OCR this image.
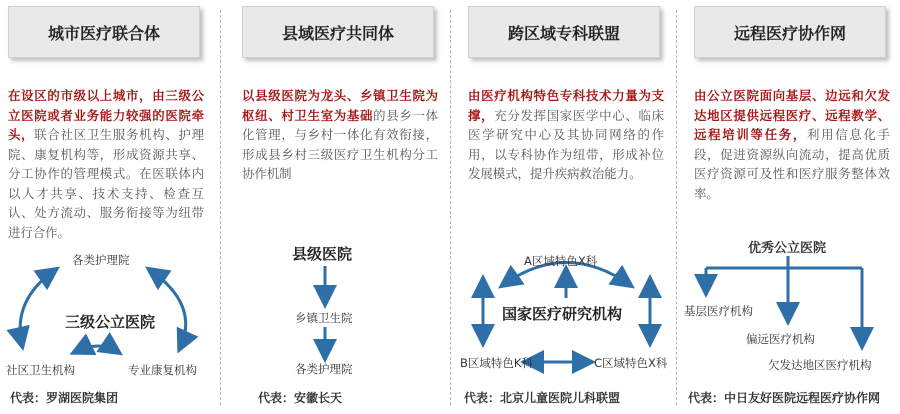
城市医疗联合体
在设区的市级以上城市，由三级公立医院或者业务能力较强的医院牵头，联合社区卫生服务机构、护理院、康复机构等，形成资源共享、分工协作的管理模式。在医联体内以人才共享、技术支持、检查互认、处方流动、服务衔接等为纽带进行合作。
各类护理院
三级公立医院
社区卫生机构	专业康复机构
代表：罗湖医院集团
县域医疗共同体
以县级医院为龙头、乡镇卫生院为枢纽、村卫生室为基础的县乡一体化管理，与乡村一体化有效衔接，形成县乡村三级医疗卫生机构分工协作机制
县级医院
乡镇卫生院
各类护理院
代表：安徽长天
跨区域专科联盟
由医疗机构特色专科技术力量为支撑，充分发挥国家医学中心、临床医学研究中心及其协同网络的作用，以专科协作为纽带，形成补位发展模式，提升疾病救治能力。
A区域特色X科
国家医疗研究机构
B区域特色K科	C区域特色X科
代表：北京儿童医院儿科联盟
远程医疗协作网
由公立医院面向基层、边远和欠发达地区提供远程医疗、远程教学、远程培训等任务，利用信息化手段，促进资源纵向流动，提高优质医疗资源可及性和医疗服务整体效率。
优秀公立医院
基层医疗机构
偏远医疗机构
欠发达地区医疗机构
代表：中日友好医院远程医疗协作网
